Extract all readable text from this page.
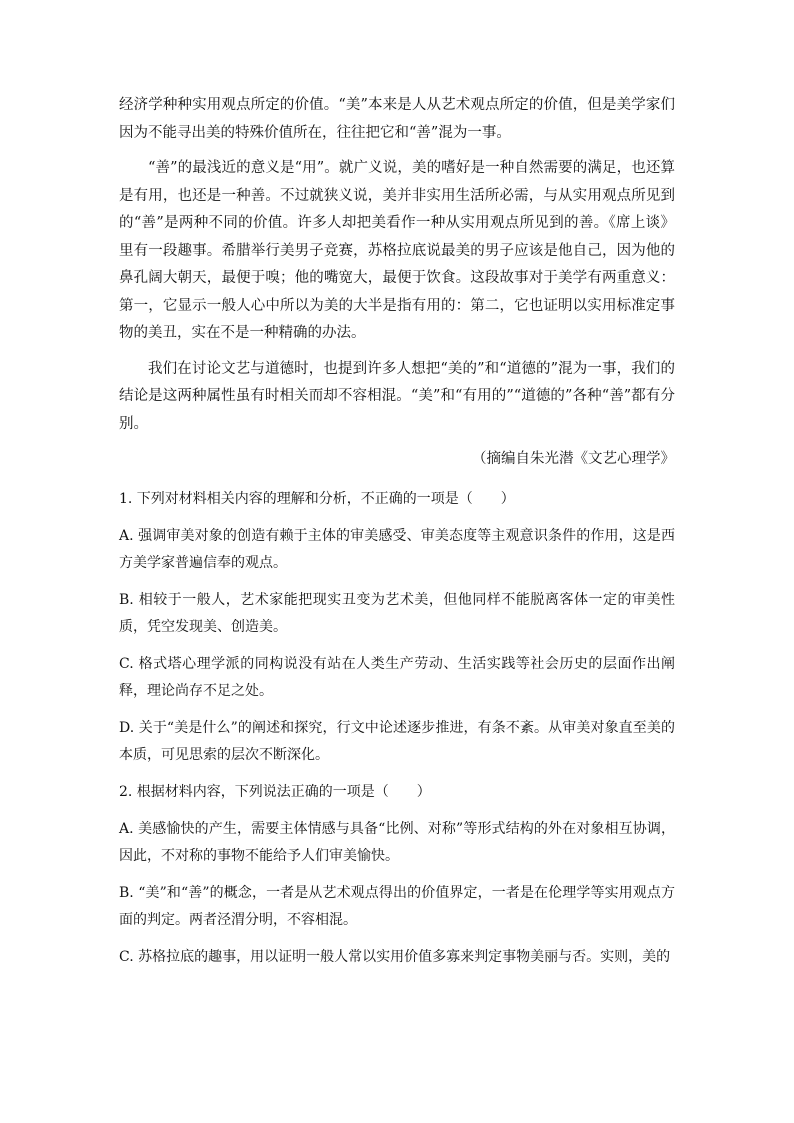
经济学种种实用观点所定的价值。“美”本来是人从艺术观点所定的价值，但是美学家们因为不能寻出美的特殊价值所在，往往把它和“善”混为一事。

“善”的最浅近的意义是“用”。就广义说，美的嗜好是一种自然需要的满足，也还算是有用，也还是一种善。不过就狭义说，美并非实用生活所必需，与从实用观点所见到的“善”是两种不同的价值。许多人却把美看作一种从实用观点所见到的善。《席上谈》里有一段趣事。希腊举行美男子竞赛，苏格拉底说最美的男子应该是他自己，因为他的鼻孔阔大朝天，最便于嗅；他的嘴宽大，最便于饮食。这段故事对于美学有两重意义：第一，它显示一般人心中所以为美的大半是指有用的：第二，它也证明以实用标准定事物的美丑，实在不是一种精确的办法。

我们在讨论文艺与道德时，也提到许多人想把“美的”和“道德的”混为一事，我们的结论是这两种属性虽有时相关而却不容相混。“美”和“有用的”“道德的”各种“善”都有分别。

（摘编自朱光潜《文艺心理学》

1. 下列对材料相关内容的理解和分析，不正确的一项是（　　）

A. 强调审美对象的创造有赖于主体的审美感受、审美态度等主观意识条件的作用，这是西方美学家普遍信奉的观点。

B. 相较于一般人，艺术家能把现实丑变为艺术美，但他同样不能脱离客体一定的审美性质，凭空发现美、创造美。

C. 格式塔心理学派的同构说没有站在人类生产劳动、生活实践等社会历史的层面作出阐释，理论尚存不足之处。

D. 关于“美是什么”的阐述和探究，行文中论述逐步推进，有条不紊。从审美对象直至美的本质，可见思索的层次不断深化。

2. 根据材料内容，下列说法正确的一项是（　　）

A. 美感愉快的产生，需要主体情感与具备“比例、对称”等形式结构的外在对象相互协调，因此，不对称的事物不能给予人们审美愉快。

B. “美”和“善”的概念，一者是从艺术观点得出的价值界定，一者是在伦理学等实用观点方面的判定。两者泾渭分明，不容相混。

C. 苏格拉底的趣事，用以证明一般人常以实用价值多寡来判定事物美丽与否。实则，美的
